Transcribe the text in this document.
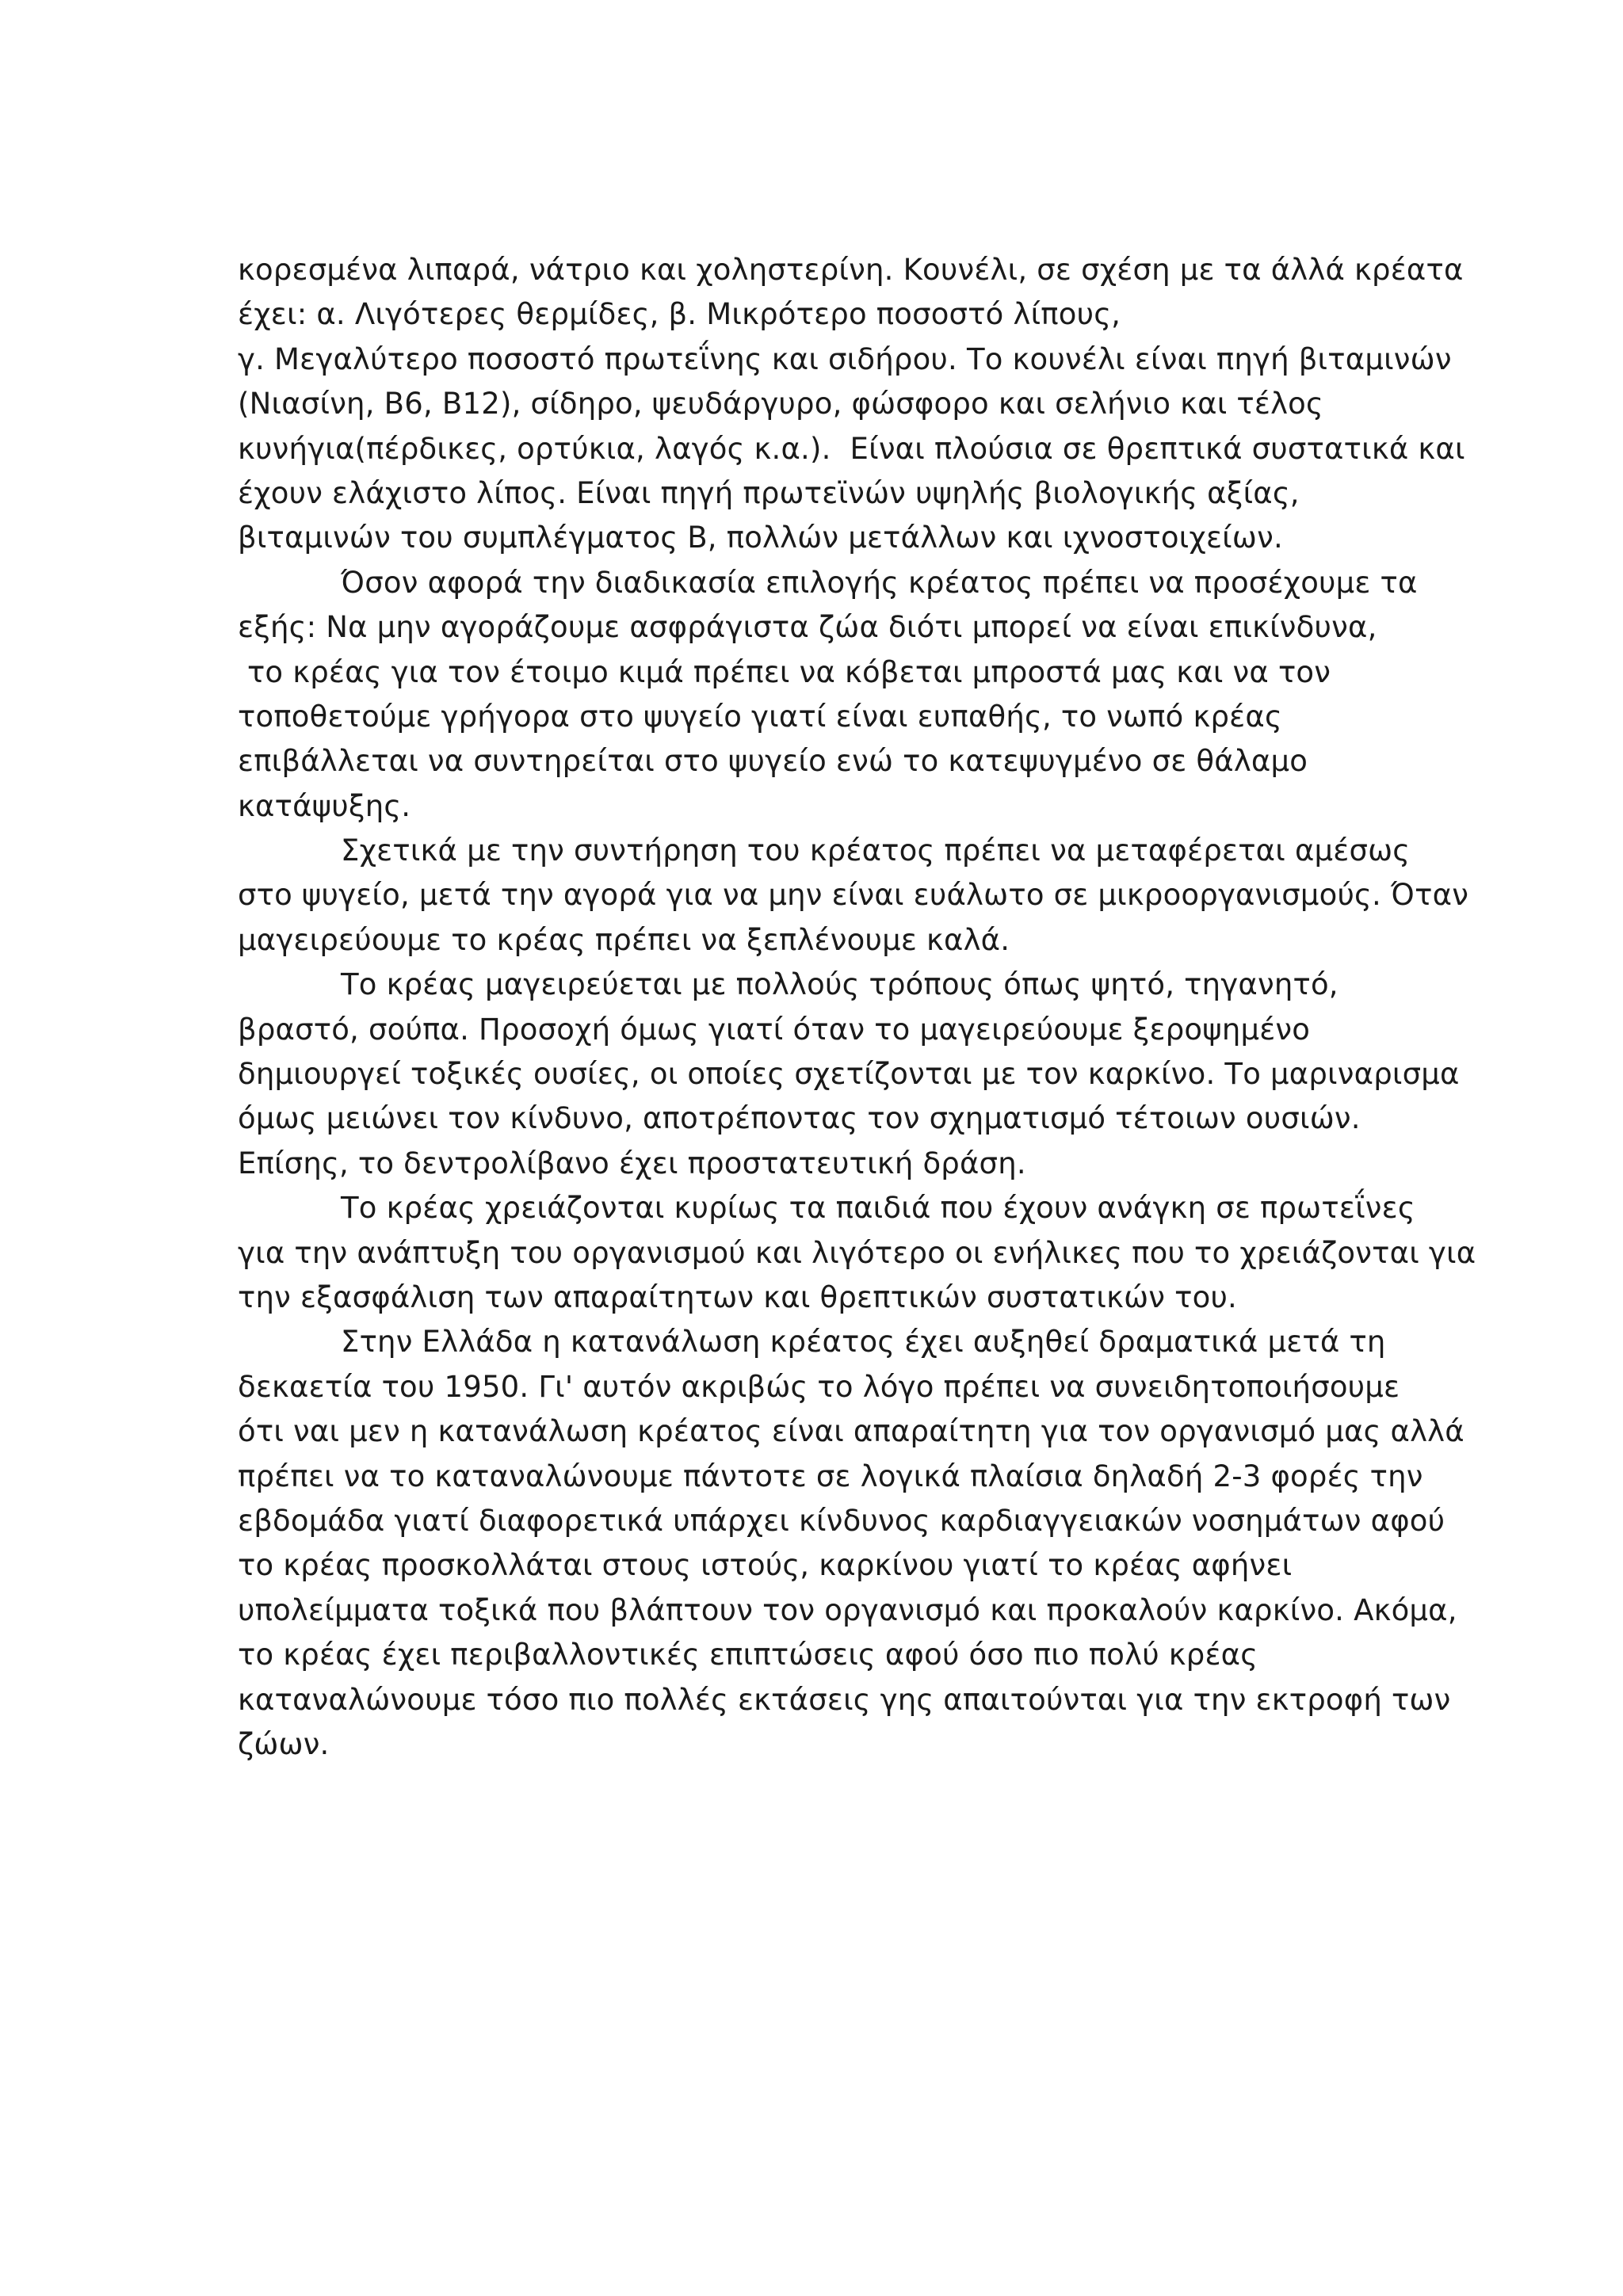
κορεσμένα λιπαρά, νάτριο και χοληστερίνη. Κουνέλι, σε σχέση με τα άλλά κρέατα
έχει: α. Λιγότερες θερμίδες, β. Μικρότερο ποσοστό λίπους,
γ. Μεγαλύτερο ποσοστό πρωτεΐνης και σιδήρου. Το κουνέλι είναι πηγή βιταμινών
(Νιασίνη, Β6, Β12), σίδηρο, ψευδάργυρο, φώσφορο και σελήνιο και τέλος
κυνήγια(πέρδικες, ορτύκια, λαγός κ.α.).  Είναι πλούσια σε θρεπτικά συστατικά και
έχουν ελάχιστο λίπος. Είναι πηγή πρωτεϊνών υψηλής βιολογικής αξίας,
βιταμινών του συμπλέγματος Β, πολλών μετάλλων και ιχνοστοιχείων.
Όσον αφορά την διαδικασία επιλογής κρέατος πρέπει να προσέχουμε τα
εξής: Να μην αγοράζουμε ασφράγιστα ζώα διότι μπορεί να είναι επικίνδυνα,
το κρέας για τον έτοιμο κιμά πρέπει να κόβεται μπροστά μας και να τον
τοποθετούμε γρήγορα στο ψυγείο γιατί είναι ευπαθής, το νωπό κρέας
επιβάλλεται να συντηρείται στο ψυγείο ενώ το κατεψυγμένο σε θάλαμο
κατάψυξης.
Σχετικά με την συντήρηση του κρέατος πρέπει να μεταφέρεται αμέσως
στο ψυγείο, μετά την αγορά για να μην είναι ευάλωτο σε μικροοργανισμούς. Όταν
μαγειρεύουμε το κρέας πρέπει να ξεπλένουμε καλά.
Το κρέας μαγειρεύεται με πολλούς τρόπους όπως ψητό, τηγανητό,
βραστό, σούπα. Προσοχή όμως γιατί όταν το μαγειρεύουμε ξεροψημένο
δημιουργεί τοξικές ουσίες, οι οποίες σχετίζονται με τον καρκίνο. Το μαριναρισμα
όμως μειώνει τον κίνδυνο, αποτρέποντας τον σχηματισμό τέτοιων ουσιών.
Επίσης, το δεντρολίβανο έχει προστατευτική δράση.
Το κρέας χρειάζονται κυρίως τα παιδιά που έχουν ανάγκη σε πρωτεΐνες
για την ανάπτυξη του οργανισμού και λιγότερο οι ενήλικες που το χρειάζονται για
την εξασφάλιση των απαραίτητων και θρεπτικών συστατικών του.
Στην Ελλάδα η κατανάλωση κρέατος έχει αυξηθεί δραματικά μετά τη
δεκαετία του 1950. Γι' αυτόν ακριβώς το λόγο πρέπει να συνειδητοποιήσουμε
ότι ναι μεν η κατανάλωση κρέατος είναι απαραίτητη για τον οργανισμό μας αλλά
πρέπει να το καταναλώνουμε πάντοτε σε λογικά πλαίσια δηλαδή 2-3 φορές την
εβδομάδα γιατί διαφορετικά υπάρχει κίνδυνος καρδιαγγειακών νοσημάτων αφού
το κρέας προσκολλάται στους ιστούς, καρκίνου γιατί το κρέας αφήνει
υπολείμματα τοξικά που βλάπτουν τον οργανισμό και προκαλούν καρκίνο. Ακόμα,
το κρέας έχει περιβαλλοντικές επιπτώσεις αφού όσο πιο πολύ κρέας
καταναλώνουμε τόσο πιο πολλές εκτάσεις γης απαιτούνται για την εκτροφή των
ζώων.
